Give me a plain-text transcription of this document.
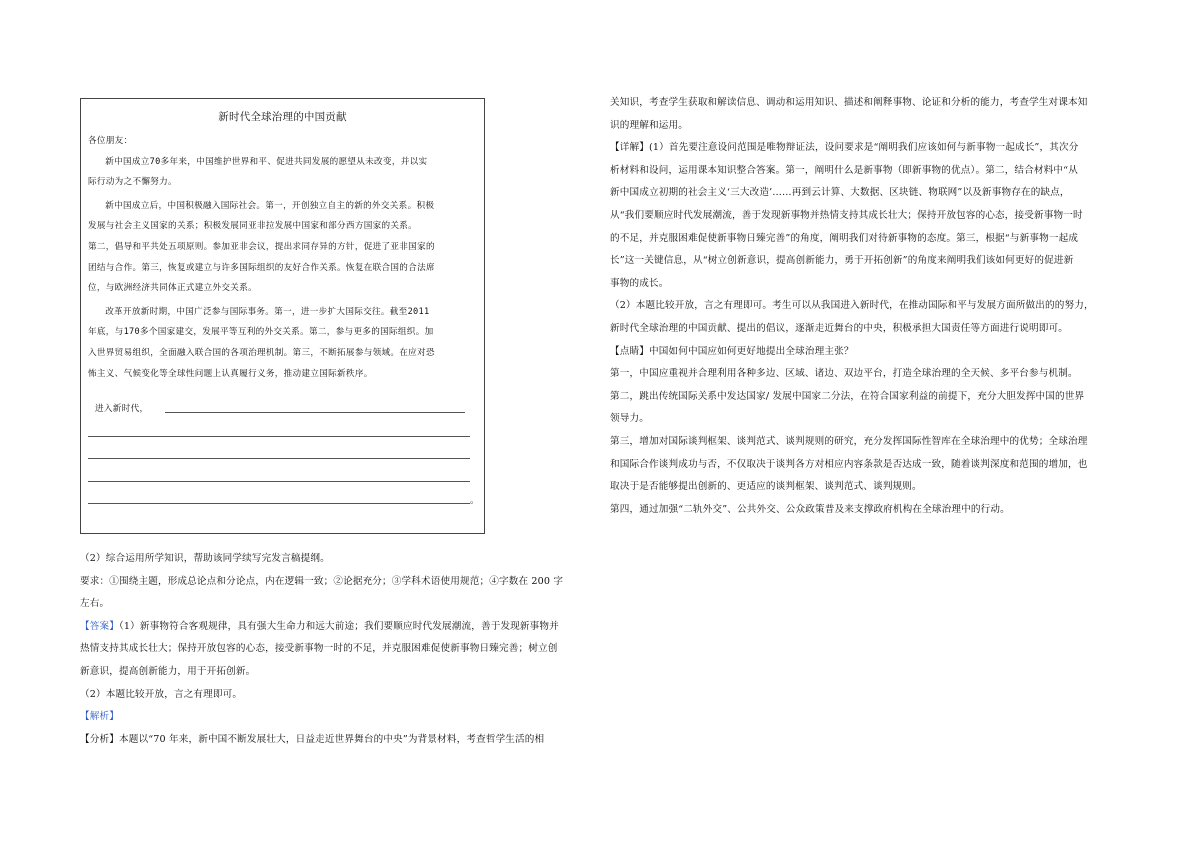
新时代全球治理的中国贡献

各位朋友：

新中国成立70多年来，中国维护世界和平、促进共同发展的愿望从未改变，并以实

际行动为之不懈努力。

新中国成立后，中国积极融入国际社会。第一，开创独立自主的新的外交关系。积极

发展与社会主义国家的关系；积极发展同亚非拉发展中国家和部分西方国家的关系。

第二，倡导和平共处五项原则。参加亚非会议，提出求同存异的方针，促进了亚非国家的

团结与合作。第三，恢复或建立与许多国际组织的友好合作关系。恢复在联合国的合法席

位，与欧洲经济共同体正式建立外交关系。

改革开放新时期，中国广泛参与国际事务。第一，进一步扩大国际交往。截至2011

年底，与170多个国家建交，发展平等互利的外交关系。第二，参与更多的国际组织。加

入世界贸易组织，全面融入联合国的各项治理机制。第三，不断拓展参与领域。在应对恐

怖主义、气候变化等全球性问题上认真履行义务，推动建立国际新秩序。

进入新时代，
。

（2）综合运用所学知识，帮助该同学续写完发言稿提纲。

要求：①围绕主题，形成总论点和分论点，内在逻辑一致；②论据充分；③学科术语使用规范；④字数在 200 字

左右。

【答案】（1）新事物符合客观规律，具有强大生命力和远大前途；我们要顺应时代发展潮流，善于发现新事物并

热情支持其成长壮大；保持开放包容的心态，接受新事物一时的不足，并克服困难促使新事物日臻完善；树立创

新意识，提高创新能力，用于开拓创新。

（2）本题比较开放，言之有理即可。

【解析】

【分析】本题以“70 年来，新中国不断发展壮大，日益走近世界舞台的中央”为背景材料，考查哲学生活的相

关知识，考查学生获取和解读信息、调动和运用知识、描述和阐释事物、论证和分析的能力，考查学生对课本知

识的理解和运用。

【详解】(1）首先要注意设问范围是唯物辩证法，设问要求是“阐明我们应该如何与新事物一起成长”，其次分

析材料和设问，运用课本知识整合答案。第一，阐明什么是新事物（即新事物的优点）。第二，结合材料中“从

新中国成立初期的社会主义‘三大改造’……再到云计算、大数据、区块链、物联网”以及新事物存在的缺点，

从“我们要顺应时代发展潮流，善于发现新事物并热情支持其成长壮大；保持开放包容的心态，接受新事物一时

的不足，并克服困难促使新事物日臻完善”的角度，阐明我们对待新事物的态度。第三，根据“与新事物一起成

长”这一关键信息，从“树立创新意识，提高创新能力，勇于开拓创新”的角度来阐明我们该如何更好的促进新

事物的成长。

（2）本题比较开放，言之有理即可。考生可以从我国进入新时代，在推动国际和平与发展方面所做出的的努力，

新时代全球治理的中国贡献、提出的倡议，逐渐走近舞台的中央，积极承担大国责任等方面进行说明即可。

【点睛】中国如何中国应如何更好地提出全球治理主张？

第一，中国应重视并合理利用各种多边、区域、诸边、双边平台，打造全球治理的全天候、多平台参与机制。

第二，跳出传统国际关系中发达国家/ 发展中国家二分法，在符合国家利益的前提下，充分大胆发挥中国的世界

领导力。

第三，增加对国际谈判框架、谈判范式、谈判规则的研究，充分发挥国际性智库在全球治理中的优势；全球治理

和国际合作谈判成功与否，不仅取决于谈判各方对相应内容条款是否达成一致，随着谈判深度和范围的增加，也

取决于是否能够提出创新的、更适应的谈判框架、谈判范式、谈判规则。

第四，通过加强“二轨外交”、公共外交、公众政策普及来支撑政府机构在全球治理中的行动。
